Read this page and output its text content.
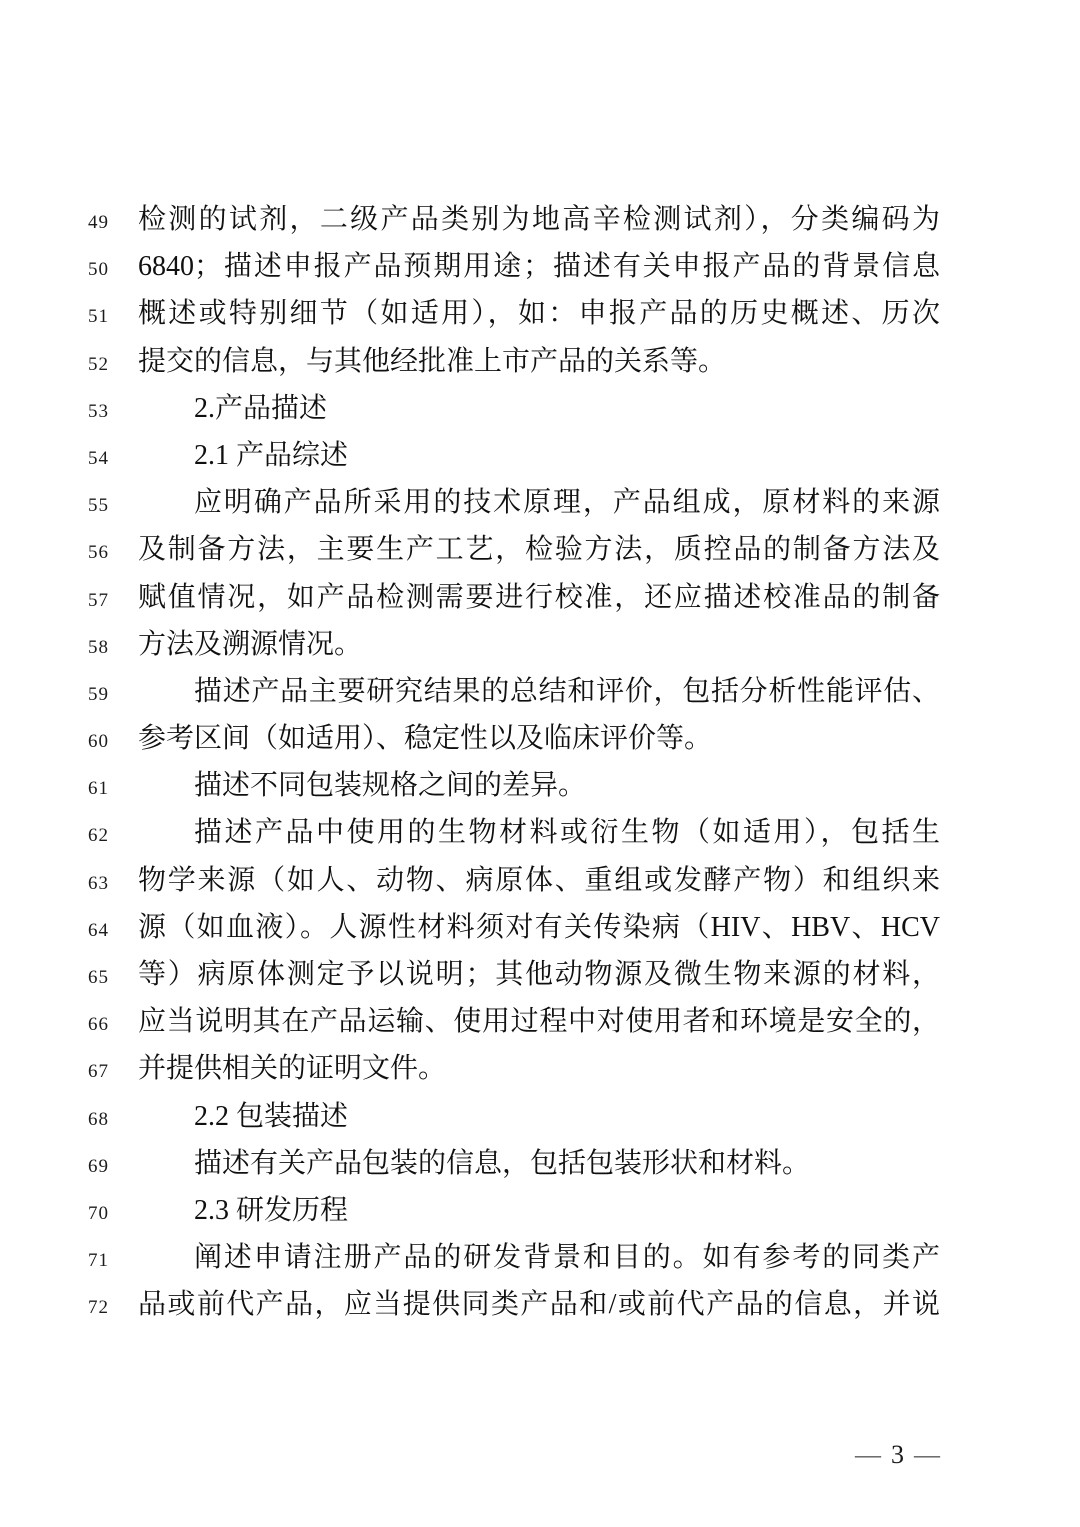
49	检测的试剂，二级产品类别为地高辛检测试剂），分类编码为
50	6840；描述申报产品预期用途；描述有关申报产品的背景信息
51	概述或特别细节（如适用），如：申报产品的历史概述、历次
52	提交的信息，与其他经批准上市产品的关系等。
53	2.产品描述
54	2.1 产品综述
55	应明确产品所采用的技术原理，产品组成，原材料的来源
56	及制备方法，主要生产工艺，检验方法，质控品的制备方法及
57	赋值情况，如产品检测需要进行校准，还应描述校准品的制备
58	方法及溯源情况。
59	描述产品主要研究结果的总结和评价，包括分析性能评估、
60	参考区间（如适用）、稳定性以及临床评价等。
61	描述不同包装规格之间的差异。
62	描述产品中使用的生物材料或衍生物（如适用），包括生
63	物学来源（如人、动物、病原体、重组或发酵产物）和组织来
64	源（如血液）。人源性材料须对有关传染病（HIV、HBV、HCV
65	等）病原体测定予以说明；其他动物源及微生物来源的材料，
66	应当说明其在产品运输、使用过程中对使用者和环境是安全的，
67	并提供相关的证明文件。
68	2.2 包装描述
69	描述有关产品包装的信息，包括包装形状和材料。
70	2.3 研发历程
71	阐述申请注册产品的研发背景和目的。如有参考的同类产
72	品或前代产品，应当提供同类产品和/或前代产品的信息，并说
— 3 —
